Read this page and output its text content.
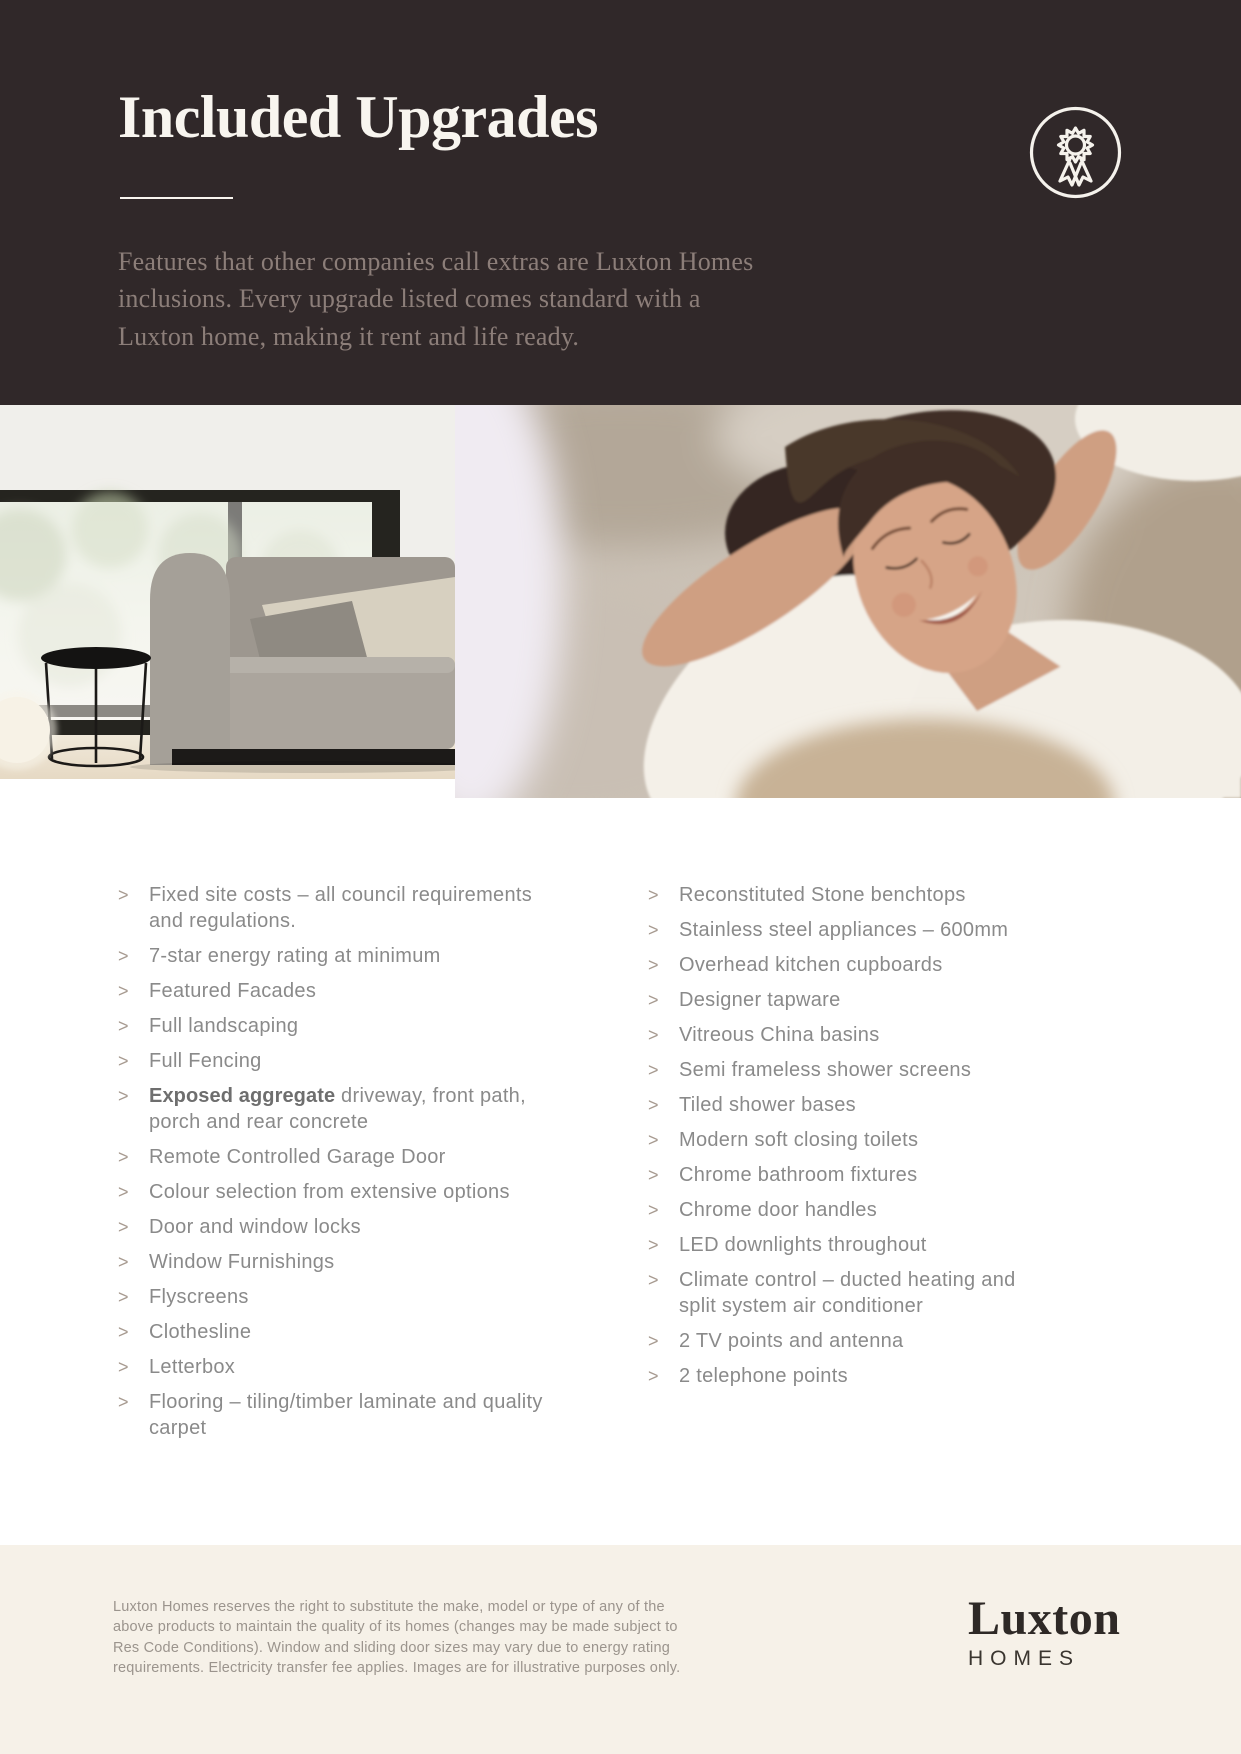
Included Upgrades

Features that other companies call extras are Luxton Homes inclusions. Every upgrade listed comes standard with a Luxton home, making it rent and life ready.

>	Fixed site costs – all council requirements and regulations.
>	7-star energy rating at minimum
>	Featured Facades
>	Full landscaping
>	Full Fencing
>	Exposed aggregate driveway, front path, porch and rear concrete
>	Remote Controlled Garage Door
>	Colour selection from extensive options
>	Door and window locks
>	Window Furnishings
>	Flyscreens
>	Clothesline
>	Letterbox
>	Flooring – tiling/timber laminate and quality carpet
>	Reconstituted Stone benchtops
>	Stainless steel appliances – 600mm
>	Overhead kitchen cupboards
>	Designer tapware
>	Vitreous China basins
>	Semi frameless shower screens
>	Tiled shower bases
>	Modern soft closing toilets
>	Chrome bathroom fixtures
>	Chrome door handles
>	LED downlights throughout
>	Climate control – ducted heating and split system air conditioner
>	2 TV points and antenna
>	2 telephone points

Luxton Homes reserves the right to substitute the make, model or type of any of the above products to maintain the quality of its homes (changes may be made subject to Res Code Conditions). Window and sliding door sizes may vary due to energy rating requirements. Electricity transfer fee applies. Images are for illustrative purposes only.

Luxton
HOMES
